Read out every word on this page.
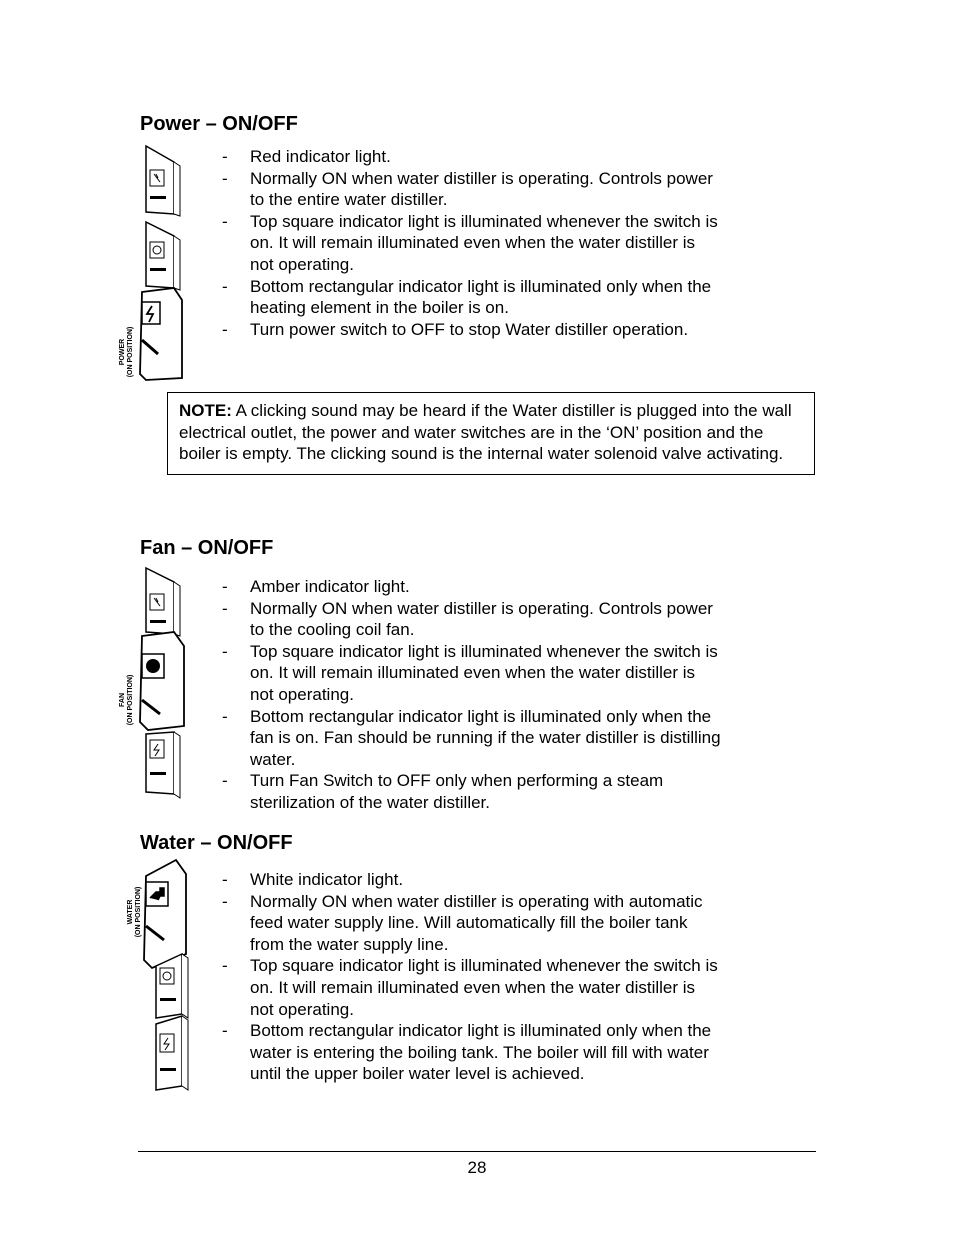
Power – ON/OFF
POWER (ON POSITION)
- Red indicator light.
- Normally ON when water distiller is operating. Controls power to the entire water distiller.
- Top square indicator light is illuminated whenever the switch is on. It will remain illuminated even when the water distiller is not operating.
- Bottom rectangular indicator light is illuminated only when the heating element in the boiler is on.
- Turn power switch to OFF to stop Water distiller operation.
NOTE: A clicking sound may be heard if the Water distiller is plugged into the wall electrical outlet, the power and water switches are in the ‘ON’ position and the boiler is empty. The clicking sound is the internal water solenoid valve activating.
Fan – ON/OFF
FAN (ON POSITION)
- Amber indicator light.
- Normally ON when water distiller is operating. Controls power to the cooling coil fan.
- Top square indicator light is illuminated whenever the switch is on. It will remain illuminated even when the water distiller is not operating.
- Bottom rectangular indicator light is illuminated only when the fan is on. Fan should be running if the water distiller is distilling water.
- Turn Fan Switch to OFF only when performing a steam sterilization of the water distiller.
Water – ON/OFF
WATER (ON POSITION)
- White indicator light.
- Normally ON when water distiller is operating with automatic feed water supply line. Will automatically fill the boiler tank from the water supply line.
- Top square indicator light is illuminated whenever the switch is on. It will remain illuminated even when the water distiller is not operating.
- Bottom rectangular indicator light is illuminated only when the water is entering the boiling tank. The boiler will fill with water until the upper boiler water level is achieved.
28
